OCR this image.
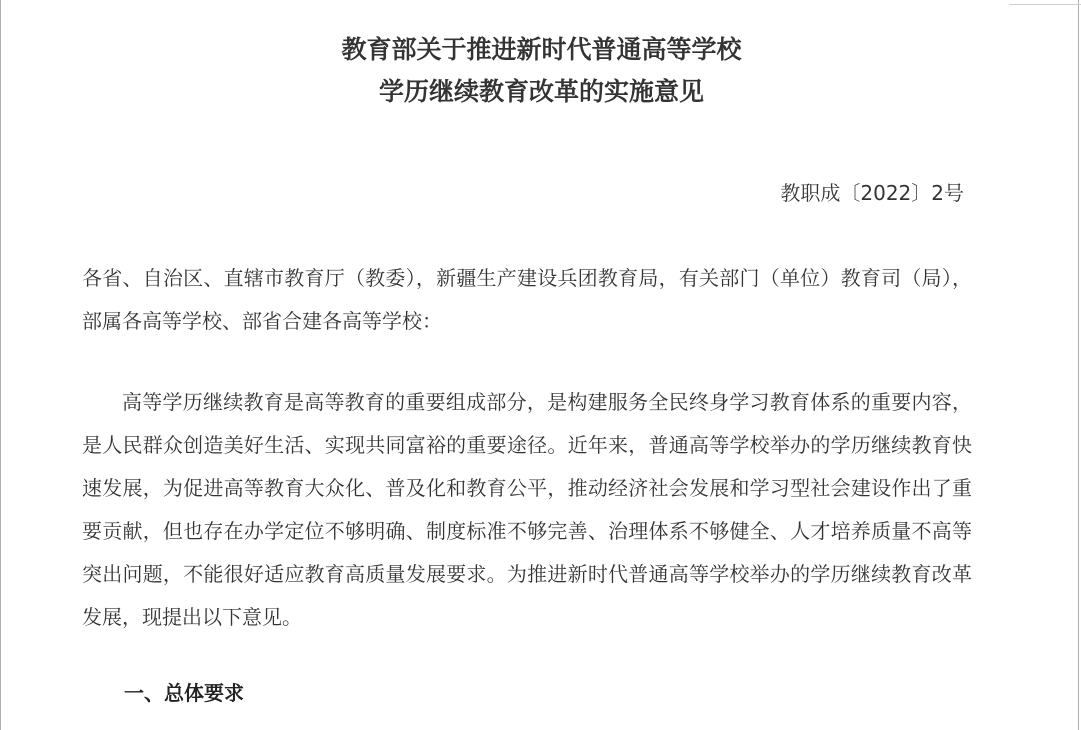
教育部关于推进新时代普通高等学校
学历继续教育改革的实施意见
教职成〔2022〕2号

各省、自治区、直辖市教育厅（教委），新疆生产建设兵团教育局，有关部门（单位）教育司（局），部属各高等学校、部省合建各高等学校：

高等学历继续教育是高等教育的重要组成部分，是构建服务全民终身学习教育体系的重要内容，是人民群众创造美好生活、实现共同富裕的重要途径。近年来，普通高等学校举办的学历继续教育快速发展，为促进高等教育大众化、普及化和教育公平，推动经济社会发展和学习型社会建设作出了重要贡献，但也存在办学定位不够明确、制度标准不够完善、治理体系不够健全、人才培养质量不高等突出问题，不能很好适应教育高质量发展要求。为推进新时代普通高等学校举办的学历继续教育改革发展，现提出以下意见。

一、总体要求
